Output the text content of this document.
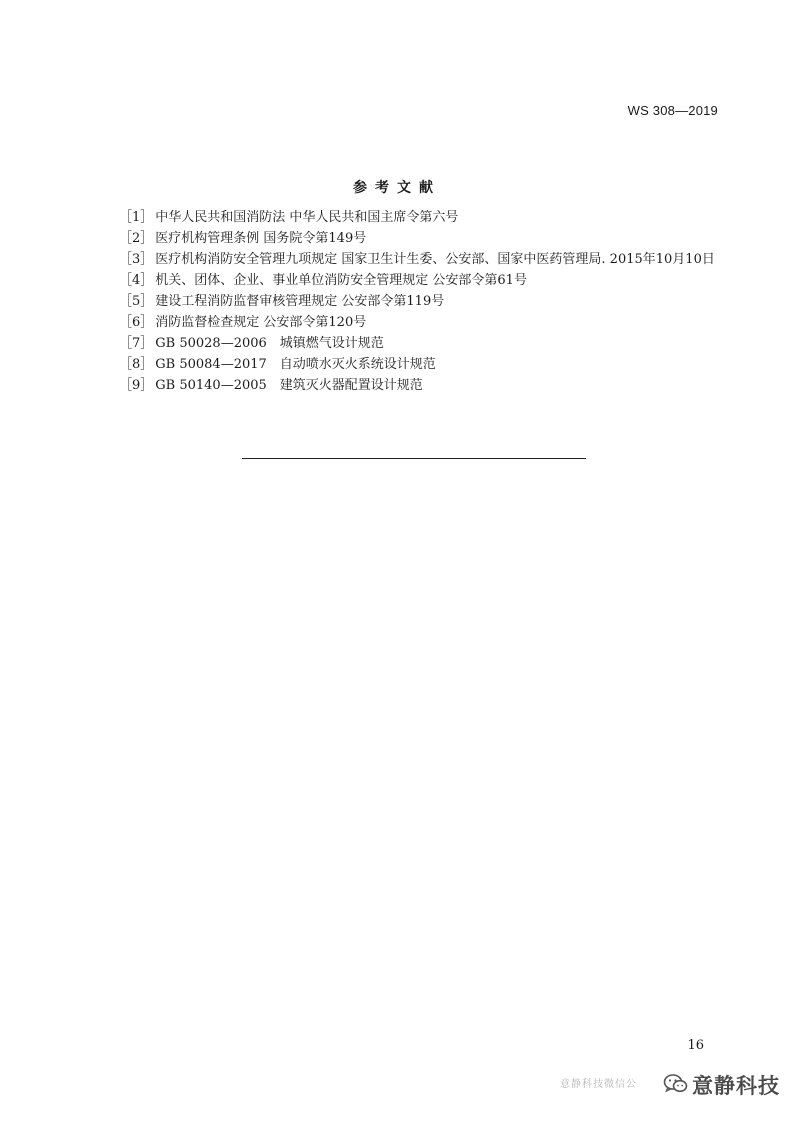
WS 308—2019
参考文献
［1］ 中华人民共和国消防法 中华人民共和国主席令第六号
［2］ 医疗机构管理条例 国务院令第149号
［3］ 医疗机构消防安全管理九项规定 国家卫生计生委、公安部、国家中医药管理局. 2015年10月10日
［4］ 机关、团体、企业、事业单位消防安全管理规定 公安部令第61号
［5］ 建设工程消防监督审核管理规定 公安部令第119号
［6］ 消防监督检查规定 公安部令第120号
［7］ GB 50028—2006　城镇燃气设计规范
［8］ GB 50084—2017　自动喷水灭火系统设计规范
［9］ GB 50140—2005　建筑灭火器配置设计规范
16
意静科技微信公	意静科技
